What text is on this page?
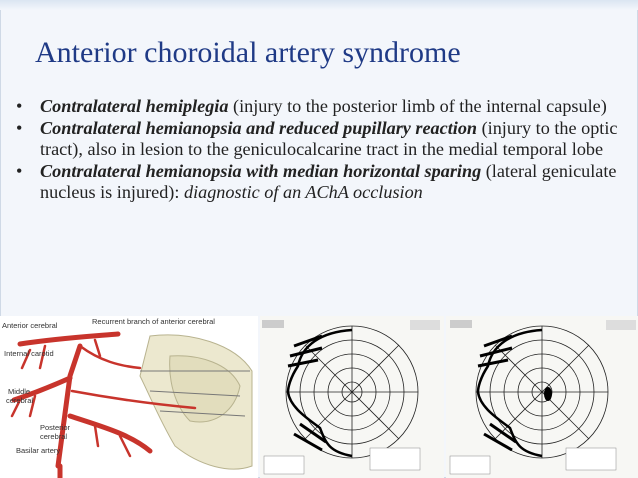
Anterior choroidal artery syndrome
• Contralateral hemiplegia (injury to the posterior limb of the internal capsule)
• Contralateral hemianopsia and reduced pupillary reaction (injury to the optic tract), also in lesion to the geniculocalcarine tract in the medial temporal lobe
• Contralateral hemianopsia with median horizontal sparing (lateral geniculate nucleus is injured): diagnostic of an AChA occlusion
Anterior cerebral	Recurrent branch of anterior cerebral
Internal carotid
Middle
cerebral
Posterior
cerebral
Basilar artery
